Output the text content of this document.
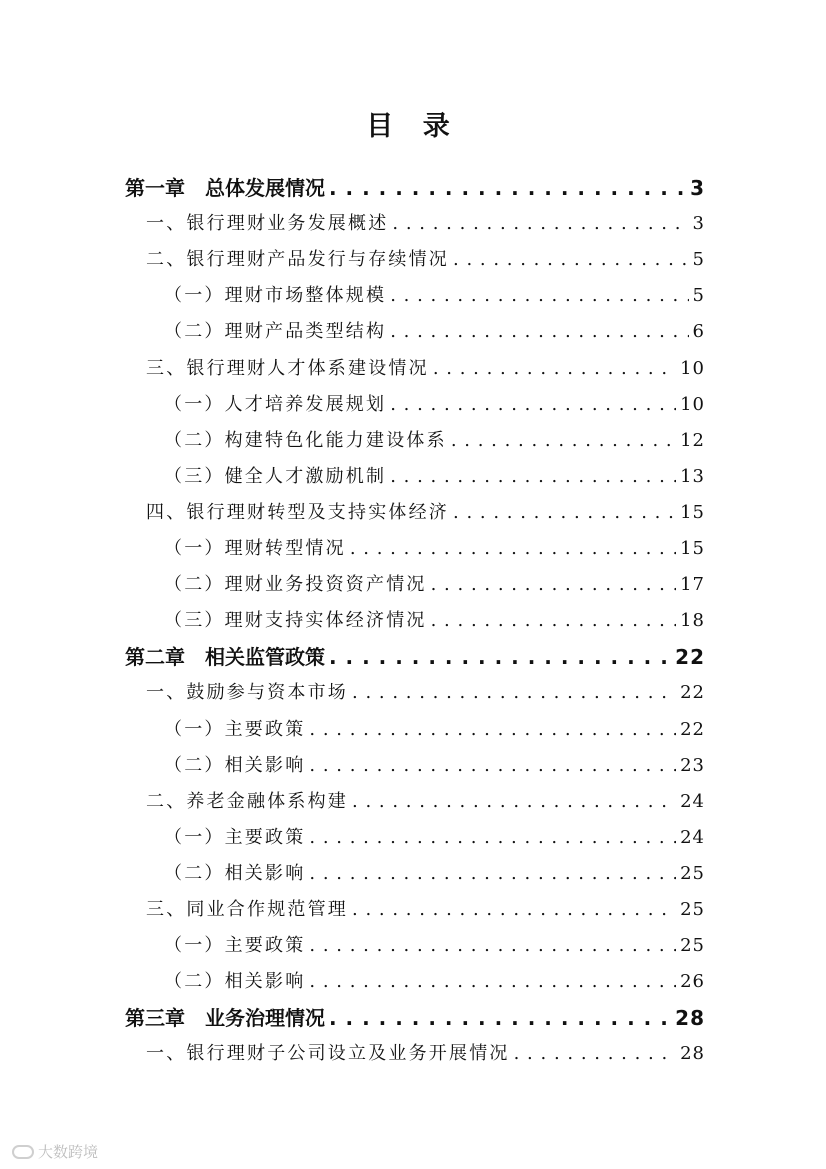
目 录
第一章　总体发展情况 . . .	3
一、银行理财业务发展概述 . . .	3
二、银行理财产品发行与存续情况 . . .	5
（一）理财市场整体规模 . . .	5
（二）理财产品类型结构 . . .	6
三、银行理财人才体系建设情况 . . .	10
（一）人才培养发展规划 . . .	10
（二）构建特色化能力建设体系 . . .	12
（三）健全人才激励机制 . . .	13
四、银行理财转型及支持实体经济 . . .	15
（一）理财转型情况 . . .	15
（二）理财业务投资资产情况 . . .	17
（三）理财支持实体经济情况 . . .	18
第二章　相关监管政策 . . .	22
一、鼓励参与资本市场 . . .	22
（一）主要政策 . . .	22
（二）相关影响 . . .	23
二、养老金融体系构建 . . .	24
（一）主要政策 . . .	24
（二）相关影响 . . .	25
三、同业合作规范管理 . . .	25
（一）主要政策 . . .	25
（二）相关影响 . . .	26
第三章　业务治理情况 . . .	28
一、银行理财子公司设立及业务开展情况 . . .	28
大数跨境
